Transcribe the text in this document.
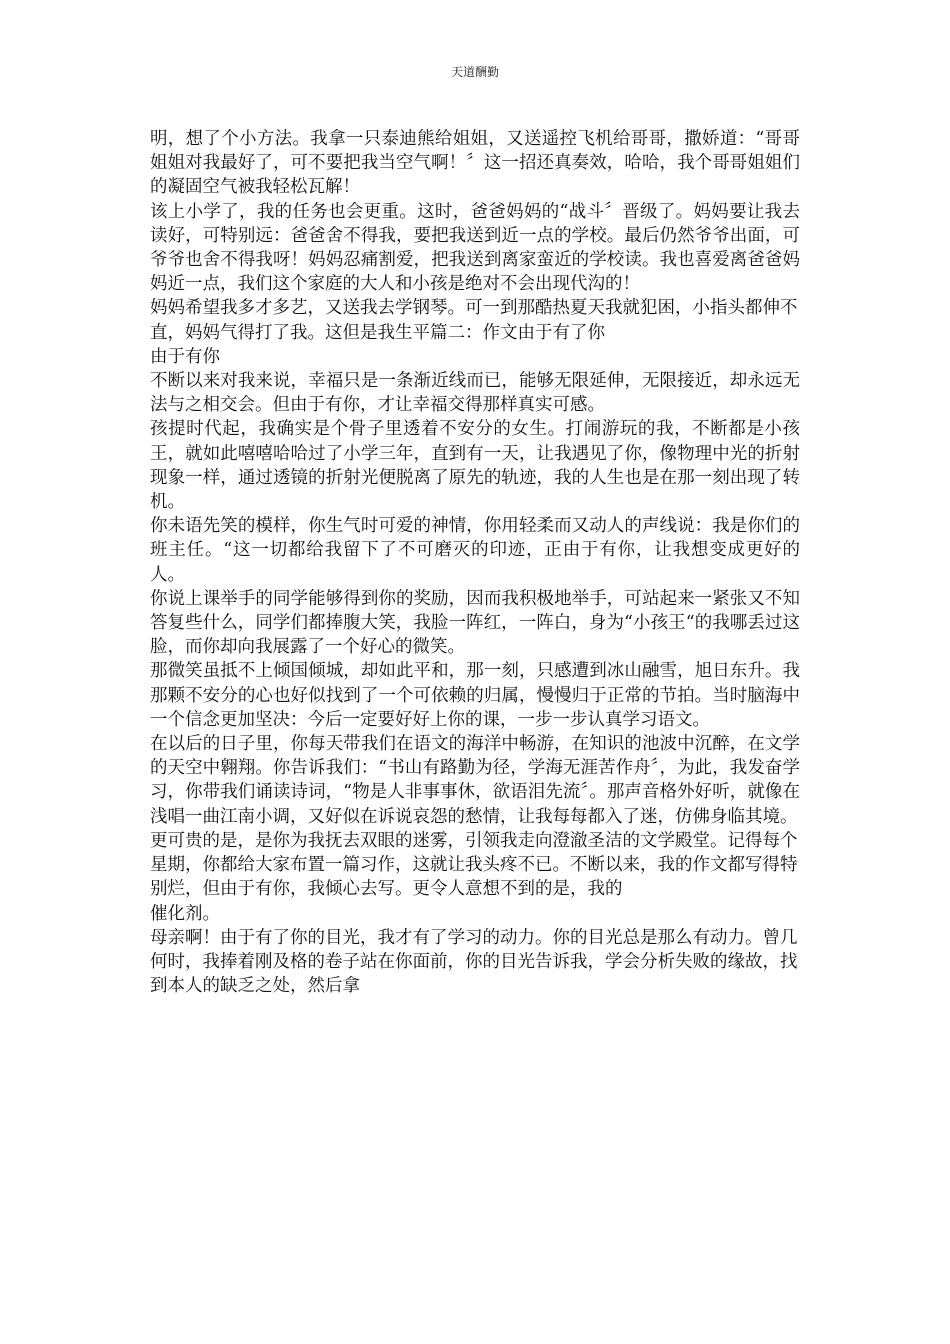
天道酬勤

明，想了个小方法。我拿一只泰迪熊给姐姐，又送遥控飞机给哥哥，撒娇道：“哥哥姐姐对我最好了，可不要把我当空气啊！〞这一招还真奏效，哈哈，我个哥哥姐姐们的凝固空气被我轻松瓦解！

该上小学了，我的任务也会更重。这时，爸爸妈妈的“战斗〞晋级了。妈妈要让我去读好，可特别远：爸爸舍不得我，要把我送到近一点的学校。最后仍然爷爷出面，可爷爷也舍不得我呀！妈妈忍痛割爱，把我送到离家蛮近的学校读。我也喜爱离爸爸妈妈近一点，我们这个家庭的大人和小孩是绝对不会出现代沟的！

妈妈希望我多才多艺，又送我去学钢琴。可一到那酷热夏天我就犯困，小指头都伸不直，妈妈气得打了我。这但是我生平篇二：作文由于有了你

由于有你

不断以来对我来说，幸福只是一条渐近线而已，能够无限延伸，无限接近，却永远无法与之相交会。但由于有你，才让幸福交得那样真实可感。

孩提时代起，我确实是个骨子里透着不安分的女生。打闹游玩的我，不断都是小孩王，就如此嘻嘻哈哈过了小学三年，直到有一天，让我遇见了你，像物理中光的折射现象一样，通过透镜的折射光便脱离了原先的轨迹，我的人生也是在那一刻出现了转机。

你未语先笑的模样，你生气时可爱的神情，你用轻柔而又动人的声线说：我是你们的班主任。“这一切都给我留下了不可磨灭的印迹，正由于有你，让我想变成更好的人。

你说上课举手的同学能够得到你的奖励，因而我积极地举手，可站起来一紧张又不知答复些什么，同学们都捧腹大笑，我脸一阵红，一阵白，身为“小孩王“的我哪丢过这脸，而你却向我展露了一个好心的微笑。

那微笑虽抵不上倾国倾城，却如此平和，那一刻，只感遭到冰山融雪，旭日东升。我那颗不安分的心也好似找到了一个可依赖的归属，慢慢归于正常的节拍。当时脑海中一个信念更加坚决：今后一定要好好上你的课，一步一步认真学习语文。

在以后的日子里，你每天带我们在语文的海洋中畅游，在知识的池波中沉醉，在文学的天空中翱翔。你告诉我们：“书山有路勤为径，学海无涯苦作舟〞，为此，我发奋学习，你带我们诵读诗词，“物是人非事事休，欲语泪先流〞。那声音格外好听，就像在浅唱一曲江南小调，又好似在诉说哀怨的愁情，让我每每都入了迷，仿佛身临其境。

更可贵的是，是你为我抚去双眼的迷雾，引领我走向澄澈圣洁的文学殿堂。记得每个星期，你都给大家布置一篇习作，这就让我头疼不已。不断以来，我的作文都写得特别烂，但由于有你，我倾心去写。更令人意想不到的是，我的

催化剂。

母亲啊！由于有了你的目光，我才有了学习的动力。你的目光总是那么有动力。曾几何时，我捧着刚及格的卷子站在你面前，你的目光告诉我，学会分析失败的缘故，找到本人的缺乏之处，然后拿
